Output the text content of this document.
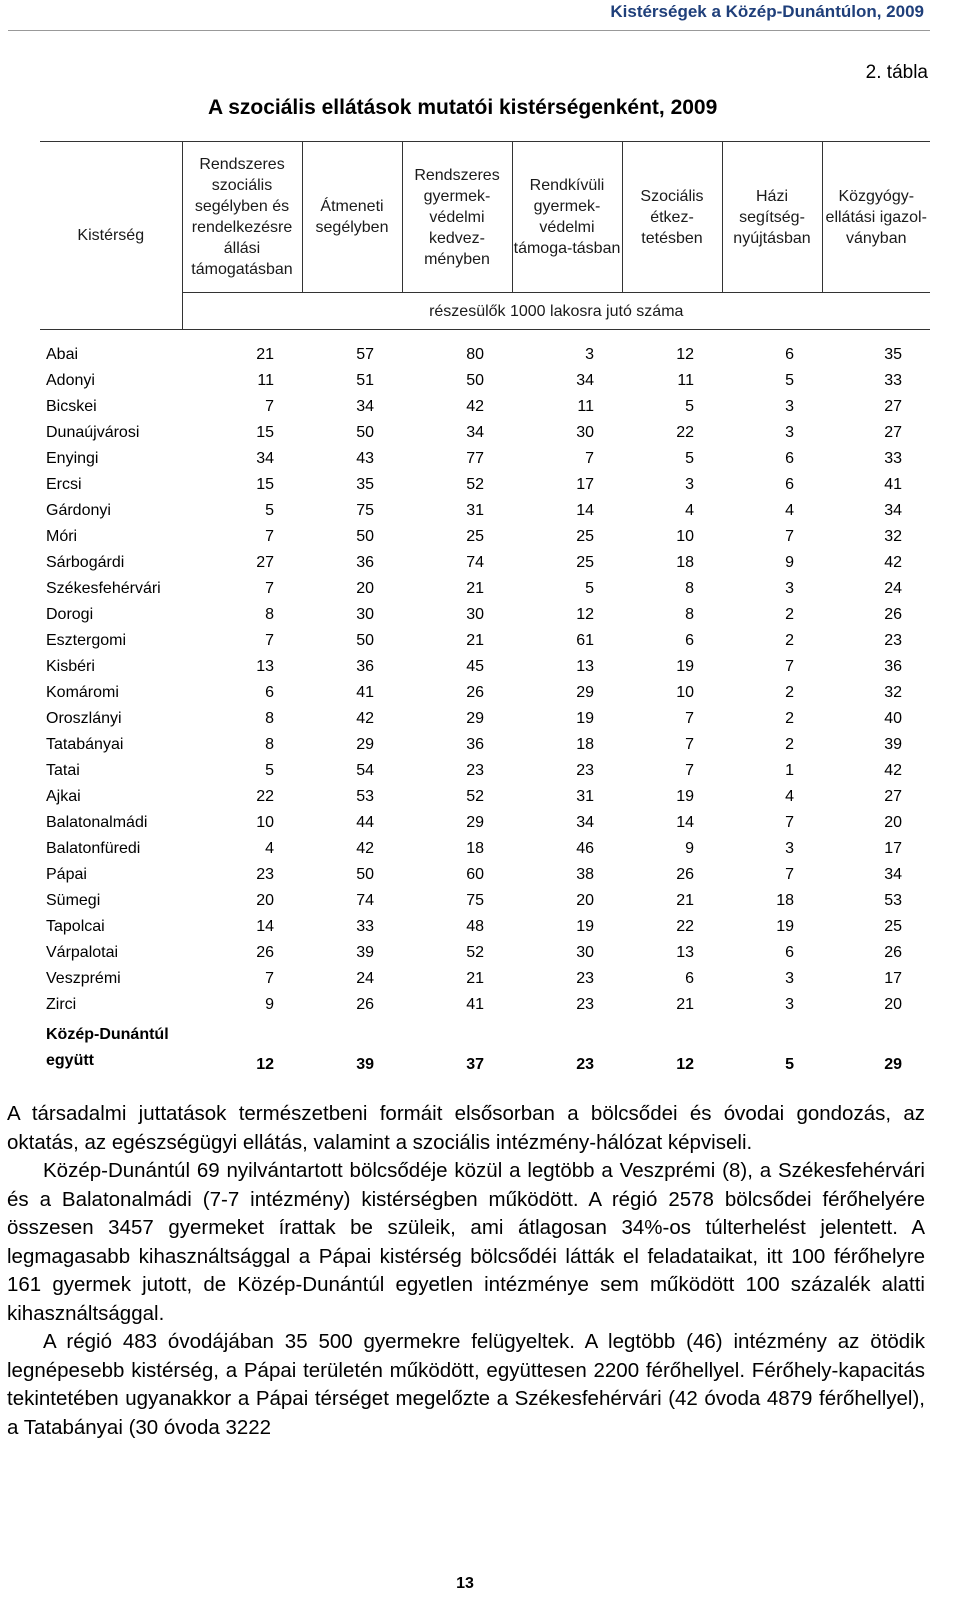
Kistérségek a Közép-Dunántúlon, 2009
2. tábla
A szociális ellátások mutatói kistérségenként, 2009
Kistérség	Rendszeres szociális segélyben és rendelkezésre állási támogatásban	Átmeneti segélyben	Rendszeres gyermek-védelmi kedvez-ményben	Rendkívüli gyermek-védelmi támoga-tásban	Szociális étkez-tetésben	Házi segítség-nyújtásban	Közgyógy-ellátási igazol-ványban
	részesülők 1000 lakosra jutó száma						

Abai	21	57	80	3	12	6	35
Adonyi	11	51	50	34	11	5	33
Bicskei	7	34	42	11	5	3	27
Dunaújvárosi	15	50	34	30	22	3	27
Enyingi	34	43	77	7	5	6	33
Ercsi	15	35	52	17	3	6	41
Gárdonyi	5	75	31	14	4	4	34
Móri	7	50	25	25	10	7	32
Sárbogárdi	27	36	74	25	18	9	42
Székesfehérvári	7	20	21	5	8	3	24
Dorogi	8	30	30	12	8	2	26
Esztergomi	7	50	21	61	6	2	23
Kisbéri	13	36	45	13	19	7	36
Komáromi	6	41	26	29	10	2	32
Oroszlányi	8	42	29	19	7	2	40
Tatabányai	8	29	36	18	7	2	39
Tatai	5	54	23	23	7	1	42
Ajkai	22	53	52	31	19	4	27
Balatonalmádi	10	44	29	34	14	7	20
Balatonfüredi	4	42	18	46	9	3	17
Pápai	23	50	60	38	26	7	34
Sümegi	20	74	75	20	21	18	53
Tapolcai	14	33	48	19	22	19	25
Várpalotai	26	39	52	30	13	6	26
Veszprémi	7	24	21	23	6	3	17
Zirci	9	26	41	23	21	3	20

Közép-Dunántúl
együtt	12	39	37	23	12	5	29

A társadalmi juttatások természetbeni formáit elsősorban a bölcsődei és óvodai gondozás, az oktatás, az egészségügyi ellátás, valamint a szociális intézmény-hálózat képviseli.

Közép-Dunántúl 69 nyilvántartott bölcsődéje közül a legtöbb a Veszprémi (8), a Székesfehérvári és a Balatonalmádi (7-7 intézmény) kistérségben működött. A régió 2578 bölcsődei férőhelyére összesen 3457 gyermeket írattak be szüleik, ami átlagosan 34%-os túlterhelést jelentett. A legmagasabb kihasználtsággal a Pápai kistérség bölcsődéi látták el feladataikat, itt 100 férőhelyre 161 gyermek jutott, de Közép-Dunántúl egyetlen intézménye sem működött 100 százalék alatti kihasználtsággal.

A régió 483 óvodájában 35 500 gyermekre felügyeltek. A legtöbb (46) intézmény az ötödik legnépesebb kistérség, a Pápai területén működött, együttesen 2200 férőhellyel. Férőhely-kapacitás tekintetében ugyanakkor a Pápai térséget megelőzte a Székesfehérvári (42 óvoda 4879 férőhellyel), a Tatabányai (30 óvoda 3222

13
